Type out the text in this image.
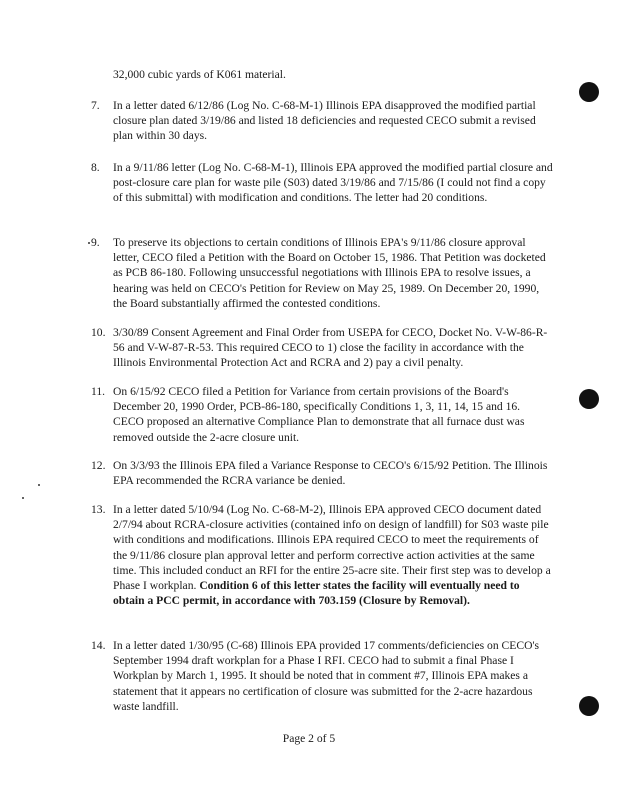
32,000 cubic yards of K061 material.

7.	In a letter dated 6/12/86 (Log No. C-68-M-1) Illinois EPA disapproved the modified partial closure plan dated 3/19/86 and listed 18 deficiencies and requested CECO submit a revised plan within 30 days.

8.	In a 9/11/86 letter (Log No. C-68-M-1), Illinois EPA approved the modified partial closure and post-closure care plan for waste pile (S03) dated 3/19/86 and 7/15/86 (I could not find a copy of this submittal) with modification and conditions. The letter had 20 conditions.

9.	To preserve its objections to certain conditions of Illinois EPA's 9/11/86 closure approval letter, CECO filed a Petition with the Board on October 15, 1986. That Petition was docketed as PCB 86-180. Following unsuccessful negotiations with Illinois EPA to resolve issues, a hearing was held on CECO's Petition for Review on May 25, 1989. On December 20, 1990, the Board substantially affirmed the contested conditions.

10. 3/30/89 Consent Agreement and Final Order from USEPA for CECO, Docket No. V-W-86-R-56 and V-W-87-R-53. This required CECO to 1) close the facility in accordance with the Illinois Environmental Protection Act and RCRA and 2) pay a civil penalty.

11. On 6/15/92 CECO filed a Petition for Variance from certain provisions of the Board's December 20, 1990 Order, PCB-86-180, specifically Conditions 1, 3, 11, 14, 15 and 16. CECO proposed an alternative Compliance Plan to demonstrate that all furnace dust was removed outside the 2-acre closure unit.

12. On 3/3/93 the Illinois EPA filed a Variance Response to CECO's 6/15/92 Petition. The Illinois EPA recommended the RCRA variance be denied.

13. In a letter dated 5/10/94 (Log No. C-68-M-2), Illinois EPA approved CECO document dated 2/7/94 about RCRA-closure activities (contained info on design of landfill) for S03 waste pile with conditions and modifications. Illinois EPA required CECO to meet the requirements of the 9/11/86 closure plan approval letter and perform corrective action activities at the same time. This included conduct an RFI for the entire 25-acre site. Their first step was to develop a Phase I workplan. Condition 6 of this letter states the facility will eventually need to obtain a PCC permit, in accordance with 703.159 (Closure by Removal).

14. In a letter dated 1/30/95 (C-68) Illinois EPA provided 17 comments/deficiencies on CECO's September 1994 draft workplan for a Phase I RFI. CECO had to submit a final Phase I Workplan by March 1, 1995. It should be noted that in comment #7, Illinois EPA makes a statement that it appears no certification of closure was submitted for the 2-acre hazardous waste landfill.

Page 2 of 5
